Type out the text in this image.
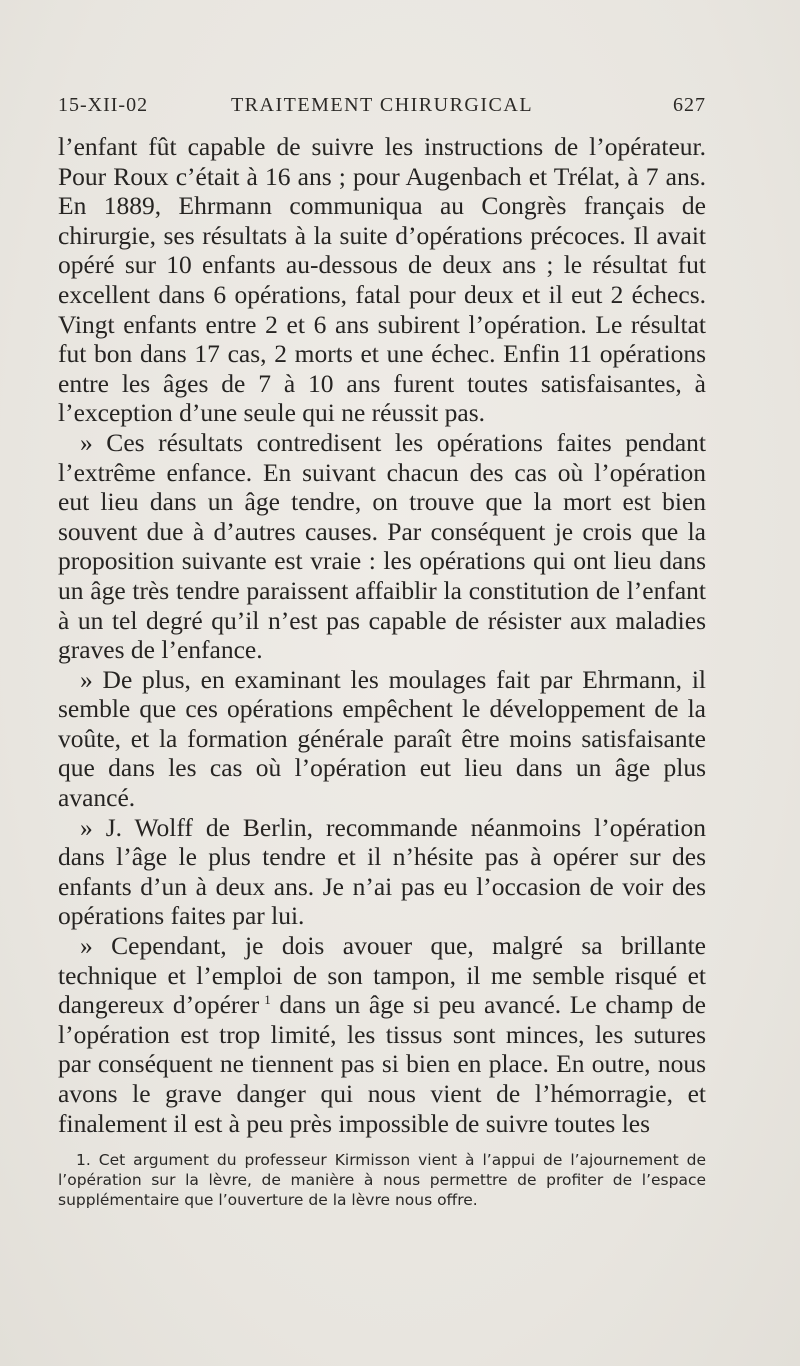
15-XII-02	TRAITEMENT CHIRURGICAL	627

l’enfant fût capable de suivre les instructions de l’opérateur. Pour Roux c’était à 16 ans ; pour Augenbach et Trélat, à 7 ans. En 1889, Ehrmann communiqua au Congrès français de chirurgie, ses résultats à la suite d’opérations précoces. Il avait opéré sur 10 enfants au-dessous de deux ans ; le résultat fut excellent dans 6 opérations, fatal pour deux et il eut 2 échecs. Vingt enfants entre 2 et 6 ans subirent l’opération. Le résultat fut bon dans 17 cas, 2 morts et une échec. Enfin 11 opérations entre les âges de 7 à 10 ans furent toutes satisfaisantes, à l’exception d’une seule qui ne réussit pas.

» Ces résultats contredisent les opérations faites pendant l’extrême enfance. En suivant chacun des cas où l’opération eut lieu dans un âge tendre, on trouve que la mort est bien souvent due à d’autres causes. Par conséquent je crois que la proposition suivante est vraie : les opérations qui ont lieu dans un âge très tendre paraissent affaiblir la constitution de l’enfant à un tel degré qu’il n’est pas capable de résister aux maladies graves de l’enfance.

» De plus, en examinant les moulages fait par Ehrmann, il semble que ces opérations empêchent le développement de la voûte, et la formation générale paraît être moins satisfaisante que dans les cas où l’opération eut lieu dans un âge plus avancé.

» J. Wolff de Berlin, recommande néanmoins l’opération dans l’âge le plus tendre et il n’hésite pas à opérer sur des enfants d’un à deux ans. Je n’ai pas eu l’occasion de voir des opérations faites par lui.

» Cependant, je dois avouer que, malgré sa brillante technique et l’emploi de son tampon, il me semble risqué et dangereux d’opérer  $^1$ dans un âge si peu avancé. Le champ de l’opération est trop limité, les tissus sont minces, les sutures par conséquent ne tiennent pas si bien en place. En outre, nous avons le grave danger qui nous vient de l’hémorragie, et finalement il est à peu près impossible de suivre toutes les

1. Cet argument du professeur Kirmisson vient à l’appui de l’ajournement de l’opération sur la lèvre, de manière à nous permettre de profiter de l’espace supplémentaire que l’ouverture de la lèvre nous offre.
